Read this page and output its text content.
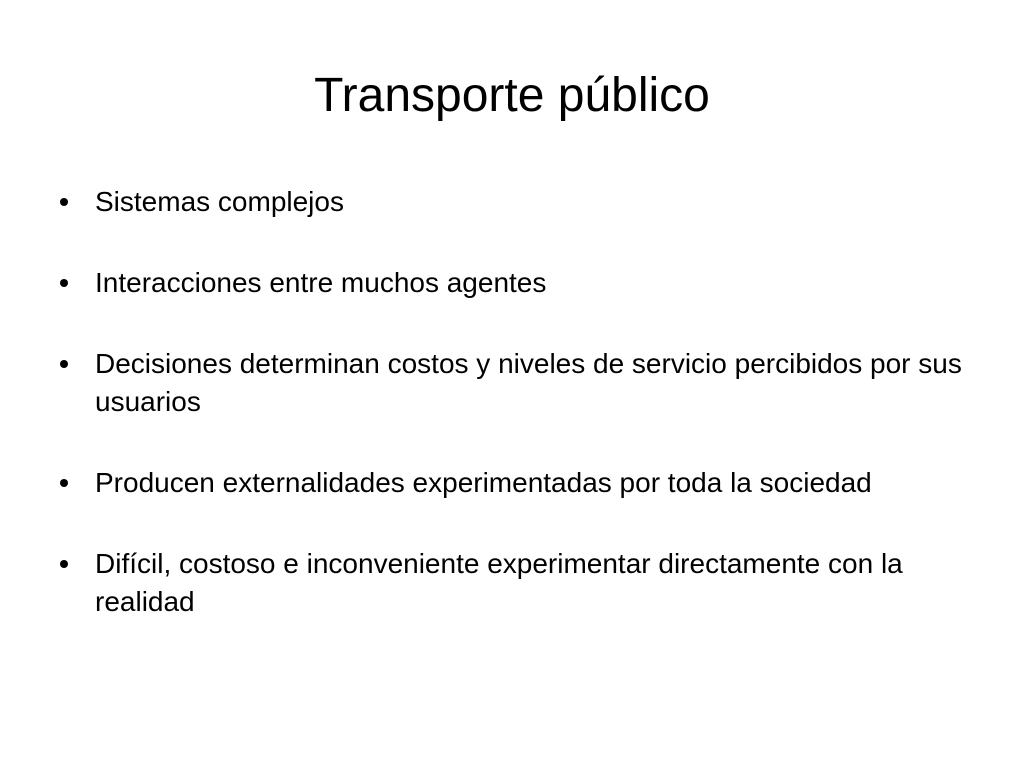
Transporte público
Sistemas complejos
Interacciones entre muchos agentes
Decisiones determinan costos y niveles de servicio percibidos por sus usuarios
Producen externalidades experimentadas por toda la sociedad
Difícil, costoso e inconveniente experimentar directamente con la realidad
